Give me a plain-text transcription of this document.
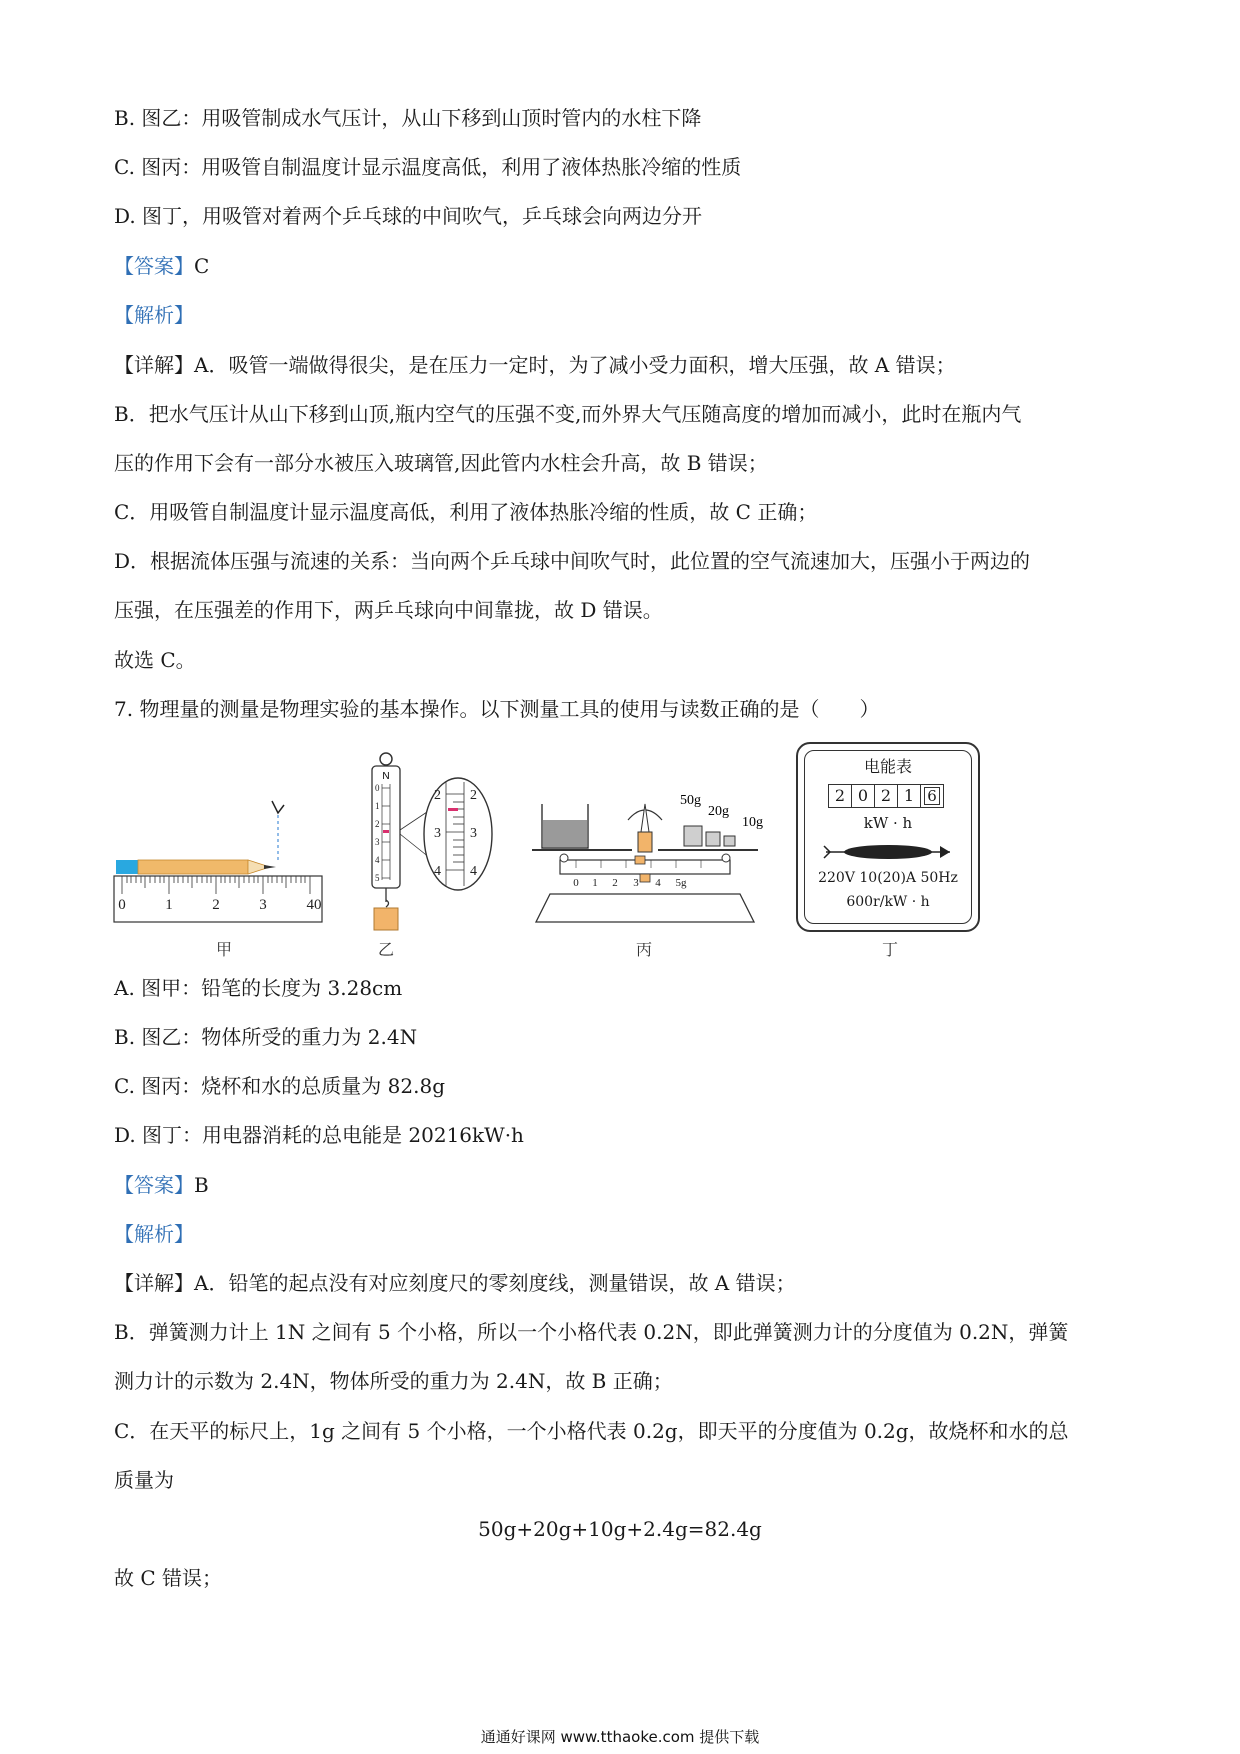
B. 图乙：用吸管制成水气压计，从山下移到山顶时管内的水柱下降
C. 图丙：用吸管自制温度计显示温度高低，利用了液体热胀冷缩的性质
D. 图丁，用吸管对着两个乒乓球的中间吹气，乒乓球会向两边分开
【答案】C
【解析】
【详解】A．吸管一端做得很尖，是在压力一定时，为了减小受力面积，增大压强，故 A 错误；
B．把水气压计从山下移到山顶,瓶内空气的压强不变,而外界大气压随高度的增加而减小，此时在瓶内气
压的作用下会有一部分水被压入玻璃管,因此管内水柱会升高，故 B 错误；
C．用吸管自制温度计显示温度高低，利用了液体热胀冷缩的性质，故 C 正确；
D．根据流体压强与流速的关系：当向两个乒乓球中间吹气时，此位置的空气流速加大，压强小于两边的
压强，在压强差的作用下，两乒乓球向中间靠拢，故 D 错误。
故选 C。
7. 物理量的测量是物理实验的基本操作。以下测量工具的使用与读数正确的是（　　）
0	1	2	3	40
甲
N
0
1
2
3
4
5
2
3
4
2
3
4
乙
50g
20g
10g
0 1 2 3 4 5g
丙
电能表
2 0 2 1 6
kW · h
220V 10(20)A 50Hz
600r/kW · h
丁
A. 图甲：铅笔的长度为 3.28cm
B. 图乙：物体所受的重力为 2.4N
C. 图丙：烧杯和水的总质量为 82.8g
D. 图丁：用电器消耗的总电能是 20216kW·h
【答案】B
【解析】
【详解】A．铅笔的起点没有对应刻度尺的零刻度线，测量错误，故 A 错误；
B．弹簧测力计上 1N 之间有 5 个小格，所以一个小格代表 0.2N，即此弹簧测力计的分度值为 0.2N，弹簧
测力计的示数为 2.4N，物体所受的重力为 2.4N，故 B 正确；
C．在天平的标尺上，1g 之间有 5 个小格，一个小格代表 0.2g，即天平的分度值为 0.2g，故烧杯和水的总
质量为
50g+20g+10g+2.4g=82.4g
故 C 错误；
通通好课网 www.tthaoke.com 提供下载
